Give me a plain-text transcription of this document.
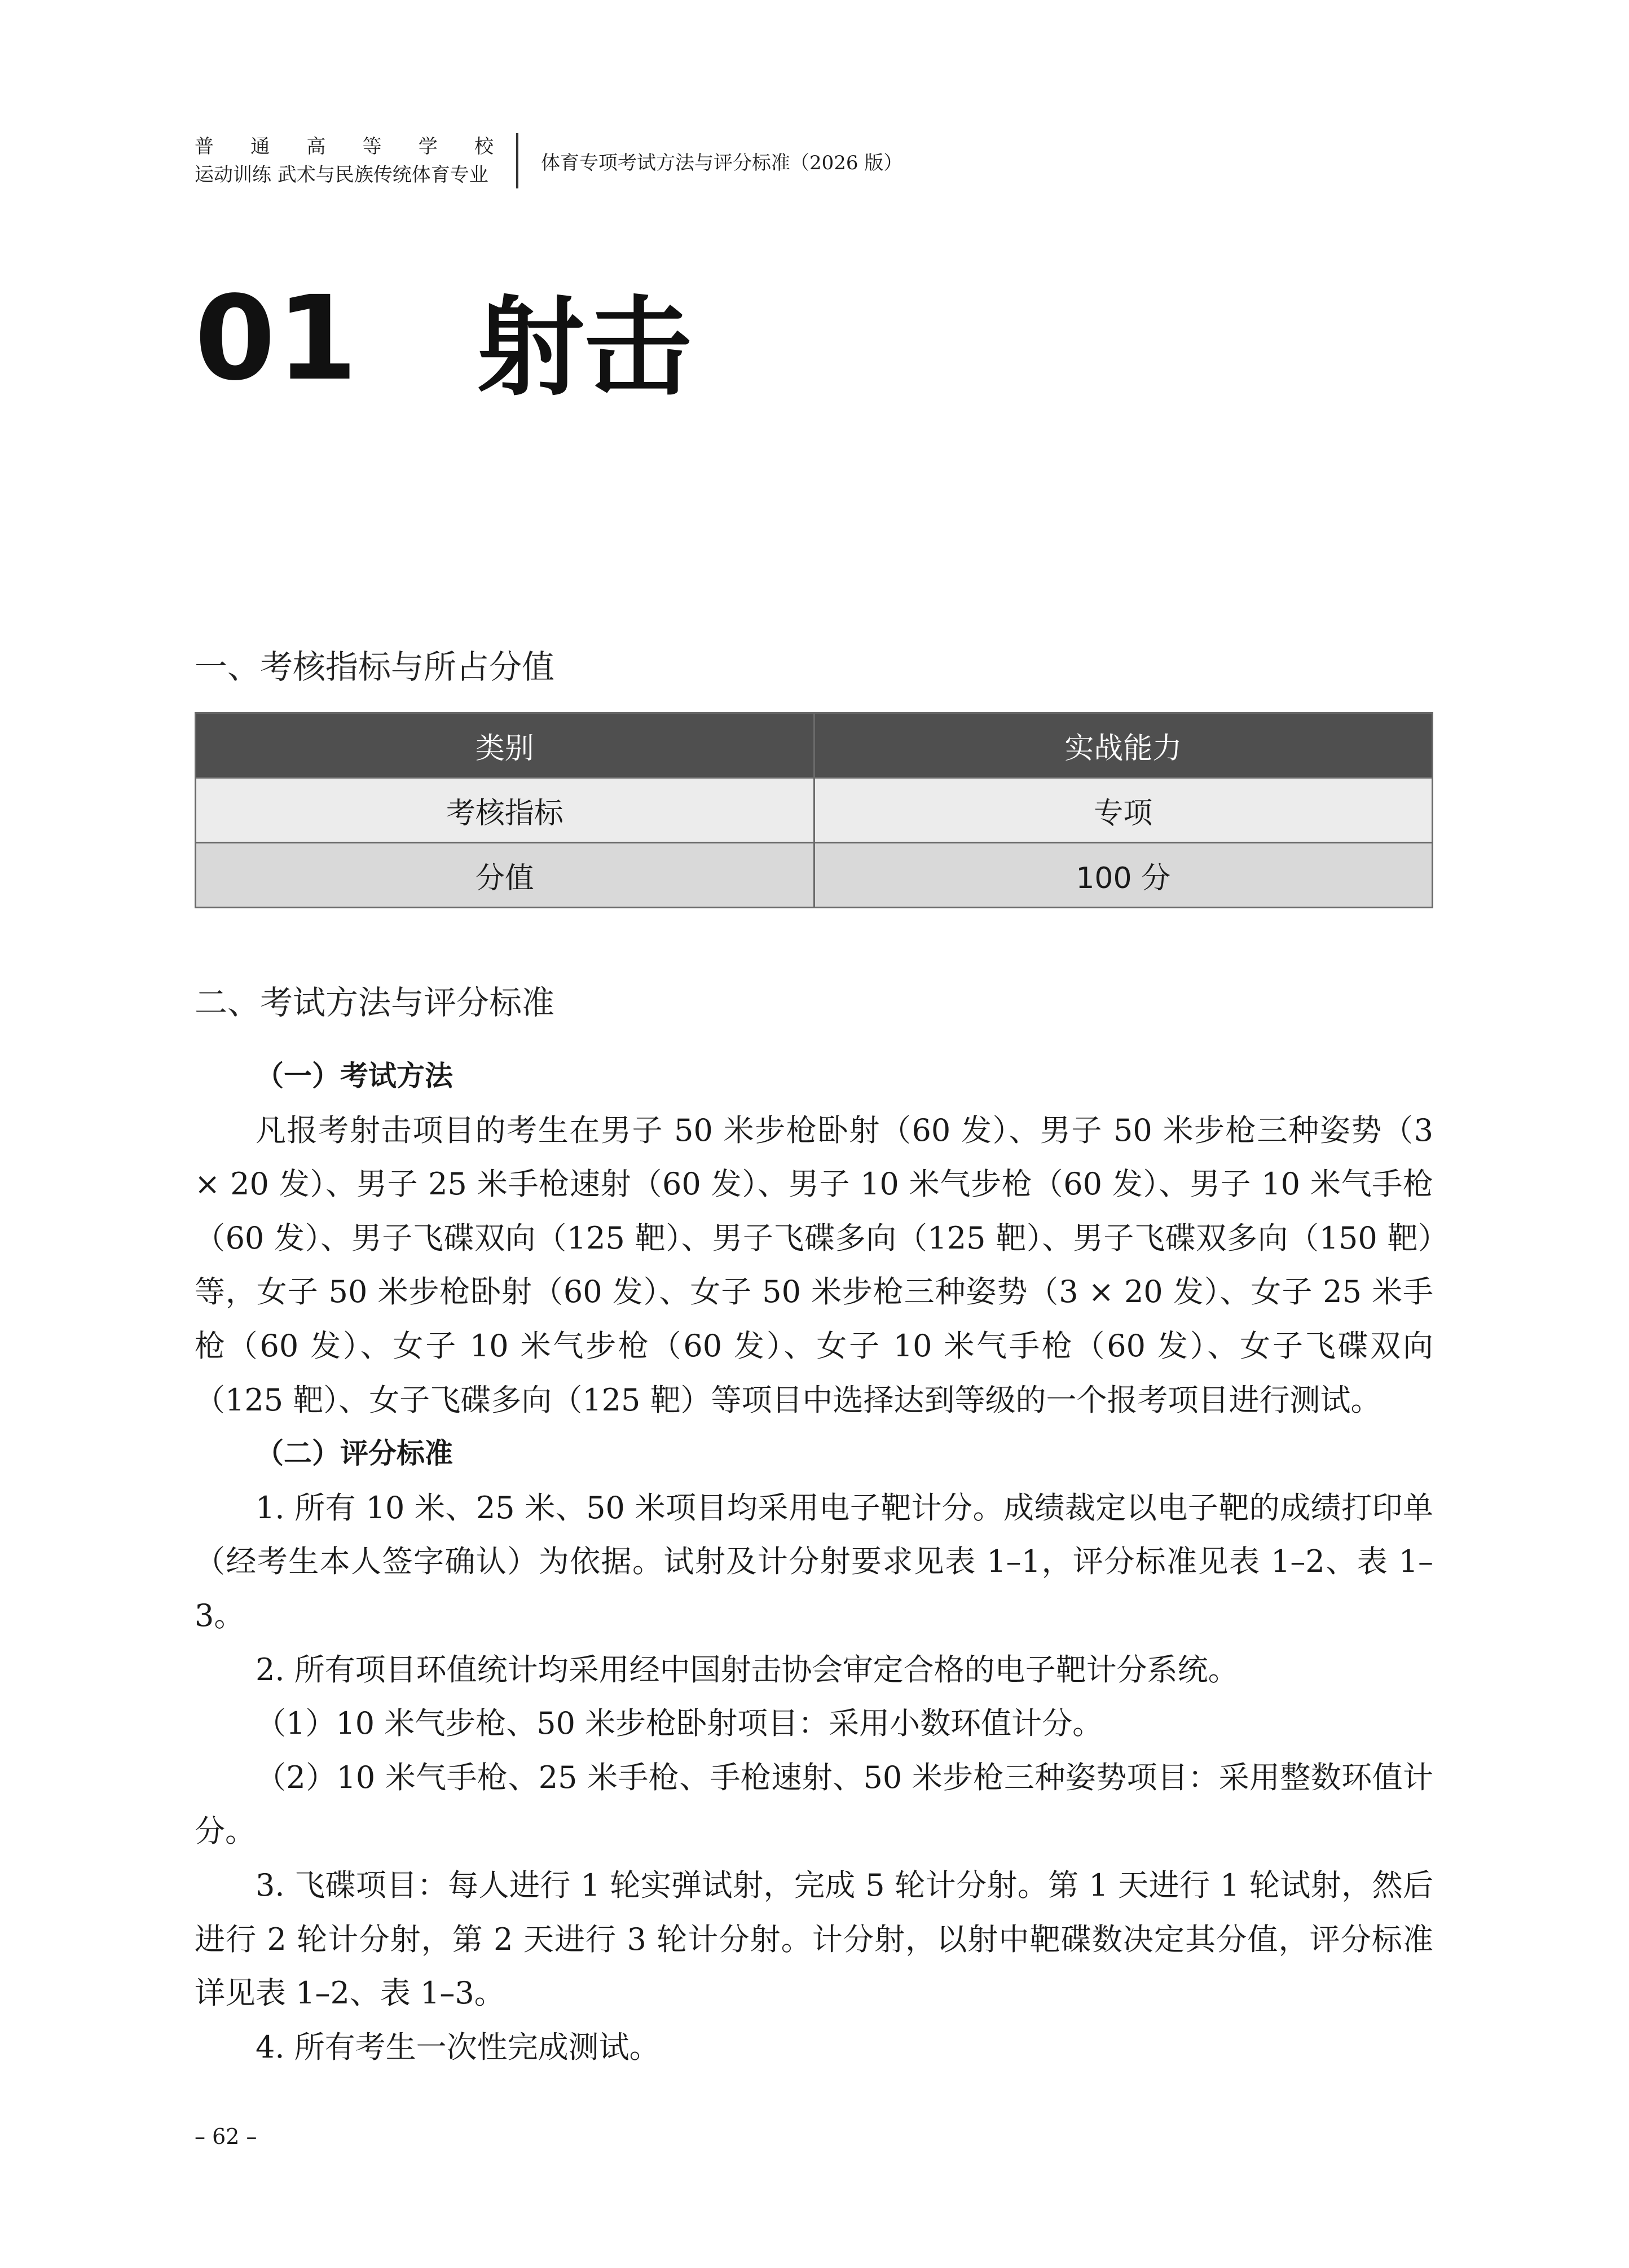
普 通 高 等 学 校
运动训练 武术与民族传统体育专业
体育专项考试方法与评分标准（2026 版）
01 射击
一、考核指标与所占分值
类别	实战能力
考核指标	专项
分值	100 分
二、考试方法与评分标准

（一）考试方法

凡报考射击项目的考生在男子 50 米步枪卧射（60 发）、男子 50 米步枪三种姿势（3 × 20 发）、男子 25 米手枪速射（60 发）、男子 10 米气步枪（60 发）、男子 10 米气手枪（60 发）、男子飞碟双向（125 靶）、男子飞碟多向（125 靶）、男子飞碟双多向（150 靶）等，女子 50 米步枪卧射（60 发）、女子 50 米步枪三种姿势（3 × 20 发）、女子 25 米手枪（60 发）、女子 10 米气步枪（60 发）、女子 10 米气手枪（60 发）、女子飞碟双向（125 靶）、女子飞碟多向（125 靶）等项目中选择达到等级的一个报考项目进行测试。

（二）评分标准

1. 所有 10 米、25 米、50 米项目均采用电子靶计分。成绩裁定以电子靶的成绩打印单（经考生本人签字确认）为依据。试射及计分射要求见表 1–1，评分标准见表 1–2、表 1–3。

2. 所有项目环值统计均采用经中国射击协会审定合格的电子靶计分系统。

（1）10 米气步枪、50 米步枪卧射项目：采用小数环值计分。

（2）10 米气手枪、25 米手枪、手枪速射、50 米步枪三种姿势项目：采用整数环值计分。

3. 飞碟项目：每人进行 1 轮实弹试射，完成 5 轮计分射。第 1 天进行 1 轮试射，然后进行 2 轮计分射，第 2 天进行 3 轮计分射。计分射，以射中靶碟数决定其分值，评分标准详见表 1–2、表 1–3。

4. 所有考生一次性完成测试。

– 62 –
